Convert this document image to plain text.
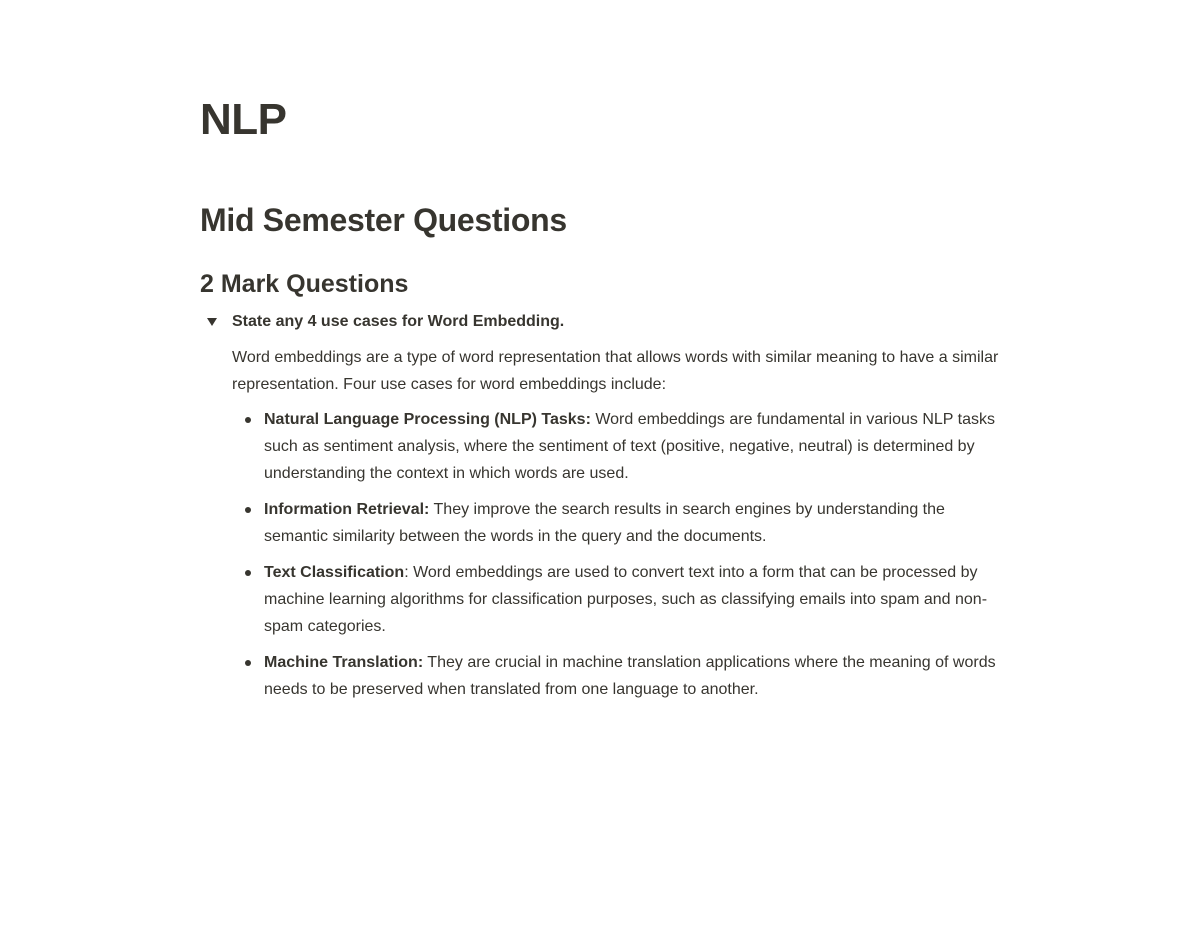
NLP
Mid Semester Questions
2 Mark Questions
State any 4 use cases for Word Embedding.

Word embeddings are a type of word representation that allows words with similar meaning to have a similar representation. Four use cases for word embeddings include:

Natural Language Processing (NLP) Tasks: Word embeddings are fundamental in various NLP tasks such as sentiment analysis, where the sentiment of text (positive, negative, neutral) is determined by understanding the context in which words are used.

Information Retrieval: They improve the search results in search engines by understanding the semantic similarity between the words in the query and the documents.

Text Classification: Word embeddings are used to convert text into a form that can be processed by machine learning algorithms for classification purposes, such as classifying emails into spam and non-spam categories.

Machine Translation: They are crucial in machine translation applications where the meaning of words needs to be preserved when translated from one language to another.
